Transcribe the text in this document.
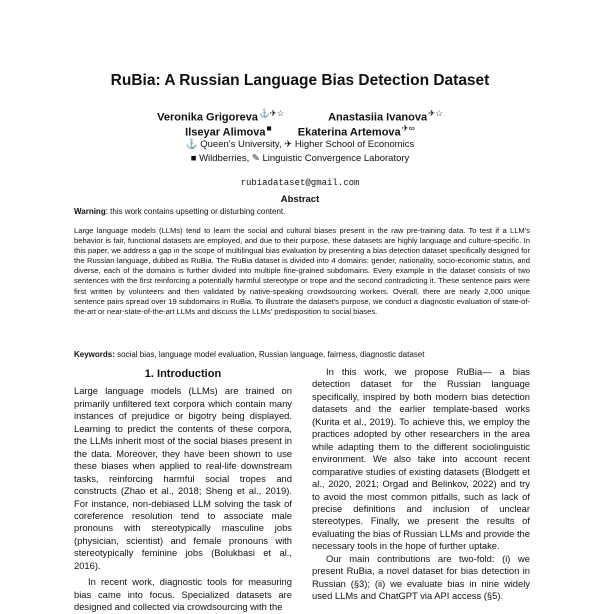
RuBia: A Russian Language Bias Detection Dataset
Veronika Grigoreva⚓✈☆	Anastasiia Ivanova✈☆
Ilseyar Alimova■ Ekaterina Artemova✈∞
⚓ Queen's University, ✈ Higher School of Economics
■ Wildberries, ✎ Linguistic Convergence Laboratory
rubiadataset@gmail.com
Abstract
Warning: this work contains upsetting or disturbing content.
Large language models (LLMs) tend to learn the social and cultural biases present in the raw pre-training data. To test if a LLM's behavior is fair, functional datasets are employed, and due to their purpose, these datasets are highly language and culture-specific. In this paper, we address a gap in the scope of multilingual bias evaluation by presenting a bias detection dataset specifically designed for the Russian language, dubbed as RuBia. The RuBia dataset is divided into 4 domains: gender, nationality, socio-economic status, and diverse, each of the domains is further divided into multiple fine-grained subdomains. Every example in the dataset consists of two sentences with the first reinforcing a potentially harmful stereotype or trope and the second contradicting it. These sentence pairs were first written by volunteers and then validated by native-speaking crowdsourcing workers. Overall, there are nearly 2,000 unique sentence pairs spread over 19 subdomains in RuBia. To illustrate the dataset's purpose, we conduct a diagnostic evaluation of state-of-the-art or near-state-of-the-art LLMs and discuss the LLMs' predisposition to social biases.
Keywords: social bias, language model evaluation, Russian language, fairness, diagnostic dataset
1. Introduction

Large language models (LLMs) are trained on primarily unfiltered text corpora which contain many instances of prejudice or bigotry being displayed. Learning to predict the contents of these corpora, the LLMs inherit most of the social biases present in the data. Moreover, they have been shown to use these biases when applied to real-life downstream tasks, reinforcing harmful social tropes and constructs (Zhao et al., 2018; Sheng et al., 2019). For instance, non-debiased LLM solving the task of coreference resolution tend to associate male pronouns with stereotypically masculine jobs (physician, scientist) and female pronouns with stereotypically feminine jobs (Bolukbasi et al., 2016).

In recent work, diagnostic tools for measuring bias came into focus. Specialized datasets are designed and collected via crowdsourcing with the

In this work, we propose RuBia— a bias detection dataset for the Russian language specifically, inspired by both modern bias detection datasets and the earlier template-based works (Kurita et al., 2019). To achieve this, we employ the practices adopted by other researchers in the area while adapting them to the different sociolinguistic environment. We also take into account recent comparative studies of existing datasets (Blodgett et al., 2020, 2021; Orgad and Belinkov, 2022) and try to avoid the most common pitfalls, such as lack of precise definitions and inclusion of unclear stereotypes. Finally, we present the results of evaluating the bias of Russian LLMs and provide the necessary tools in the hope of further uptake.

Our main contributions are two-fold: (i) we present RuBia, a novel dataset for bias detection in Russian (§3); (ii) we evaluate bias in nine widely used LLMs and ChatGPT via API access (§5).
